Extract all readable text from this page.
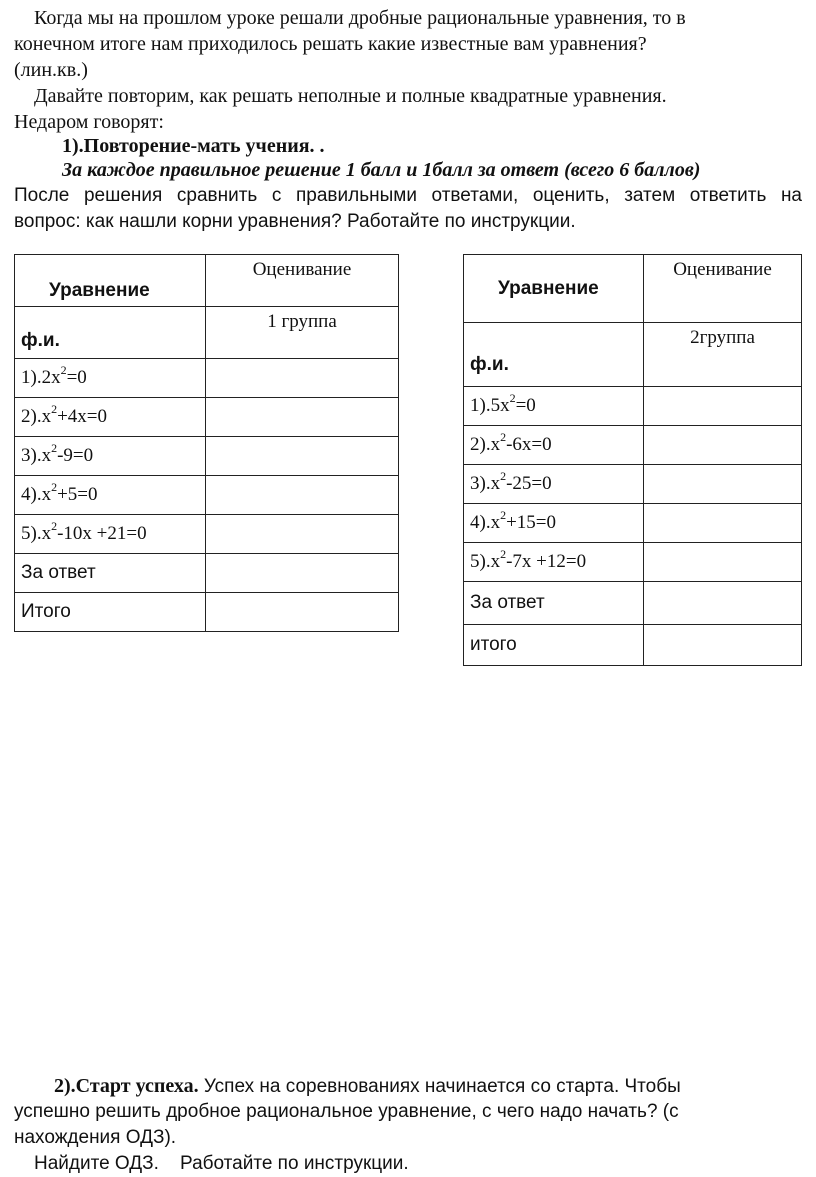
Когда мы на прошлом уроке решали дробные рациональные уравнения, то в
конечном итоге нам приходилось решать какие известные вам уравнения?
(лин.кв.)
Давайте повторим, как решать неполные и полные квадратные уравнения.
Недаром говорят:
1).Повторение-мать учения. .
За каждое правильное решение 1 балл и 1балл за ответ (всего 6 баллов)
После решения сравнить с правильными ответами, оценить, затем ответить на
вопрос: как нашли корни уравнения? Работайте по инструкции.
Уравнение	Оценивание
ф.и.	1 группа
$1).2x^2=0$	
$2).x^2+4x=0$	
$3).x^2-9=0$	
$4).x^2+5=0$	
$5).x^2-10x +21=0$	
За ответ	
Итого	
Уравнение	Оценивание
ф.и.	2группа
$1).5x^2=0$	
$2).x^2-6x=0$	
$3).x^2-25=0$	
$4).x^2+15=0$	
$5).x^2-7x +12=0$	
За ответ	
итого	
2).Старт успеха. Успех на соревнованиях начинается со старта. Чтобы
успешно решить дробное рациональное уравнение, с чего надо начать? (с
нахождения ОДЗ).
Найдите ОДЗ.    Работайте по инструкции.
